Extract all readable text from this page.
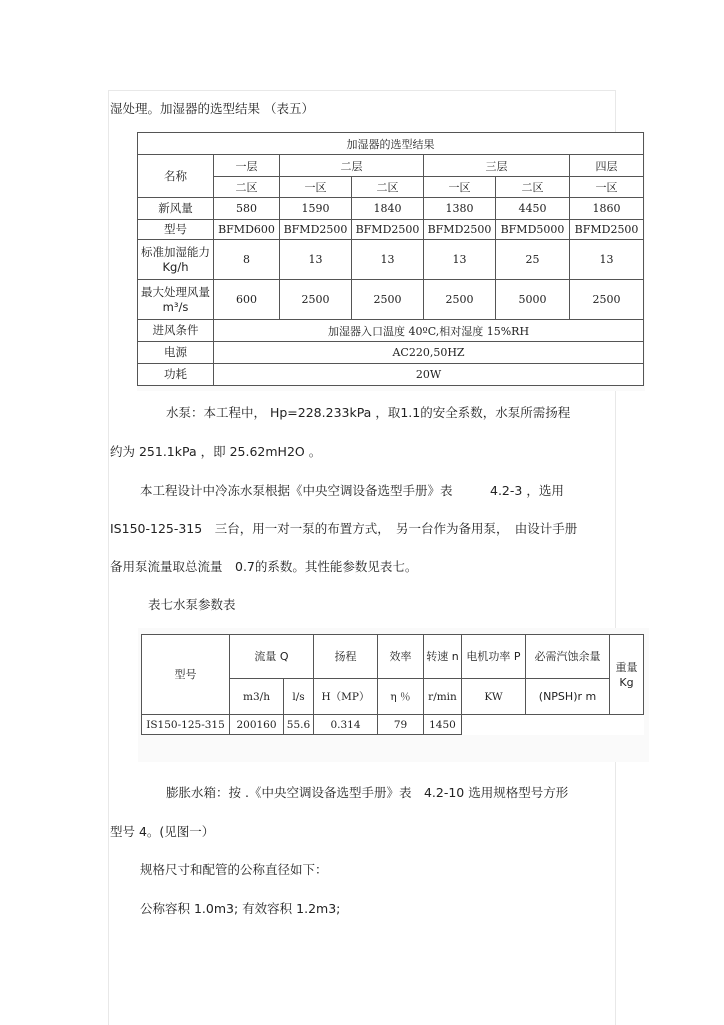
湿处理。加湿器的选型结果 （表五）
加湿器的选型结果						
名称	一层	二层		三层		四层
	二区	一区	二区	一区	二区	一区
新风量	580	1590	1840	1380	4450	1860
型号	BFMD600	BFMD2500	BFMD2500	BFMD2500	BFMD5000	BFMD2500
标准加湿能力 Kg/h	8	13	13	13	25	13
最大处理风量 m³/s	600	2500	2500	2500	5000	2500
进风条件	加湿器入口温度 40ºC,相对湿度 15%RH					
电源	AC220,50HZ					
功耗	20W					
水泵：本工程中， Hp=228.233kPa ，取1.1的安全系数，水泵所需扬程
约为 251.1kPa ，即 25.62mH2O 。
本工程设计中冷冻水泵根据《中央空调设备选型手册》表　　　4.2-3 ，选用
IS150-125-315　三台，用一对一泵的布置方式，　另一台作为备用泵，　由设计手册
备用泵流量取总流量　0.7的系数。其性能参数见表七。
表七水泵参数表
型号	流量 Q		扬程	效率	转速 n	电机功率 P	必需汽蚀余量	重量 Kg
	m3/h	l/s	H（MP）	η ％	r/min	KW	(NPSH)r m	
IS150-125-315	200160	55.6	0.314	79	1450			
膨胀水箱：按 .《中央空调设备选型手册》表　4.2-10 选用规格型号方形
型号 4。(见图一）
规格尺寸和配管的公称直径如下：
公称容积 1.0m3; 有效容积 1.2m3;
